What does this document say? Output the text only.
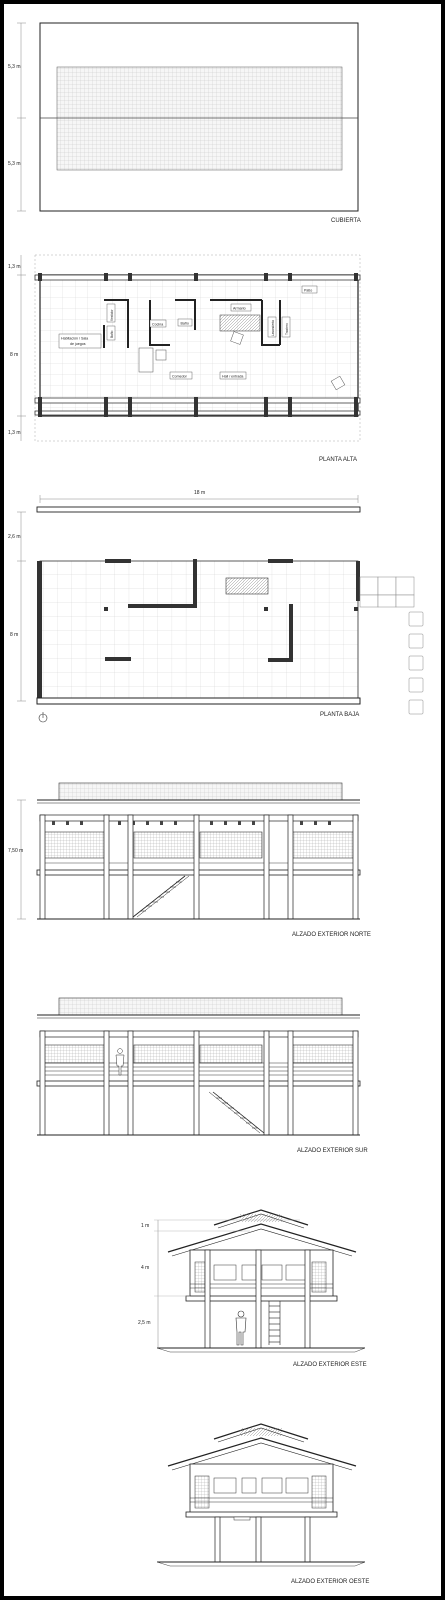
5,3 m
5,3 m
CUBIERTA
Habitación / Sala
de juegos
Vestidor
Baño
Cocina	Baño
Armario
Patio
Lavandería	Trastero
Comedor	Hall / entrada
1,3 m
8 m
1,3 m
PLANTA ALTA
18 m
2,6 m
8 m
PLANTA BAJA
7,50 m
ALZADO EXTERIOR NORTE
ALZADO EXTERIOR SUR
1 m
4 m
2,5 m
ALZADO EXTERIOR ESTE
ALZADO EXTERIOR OESTE
